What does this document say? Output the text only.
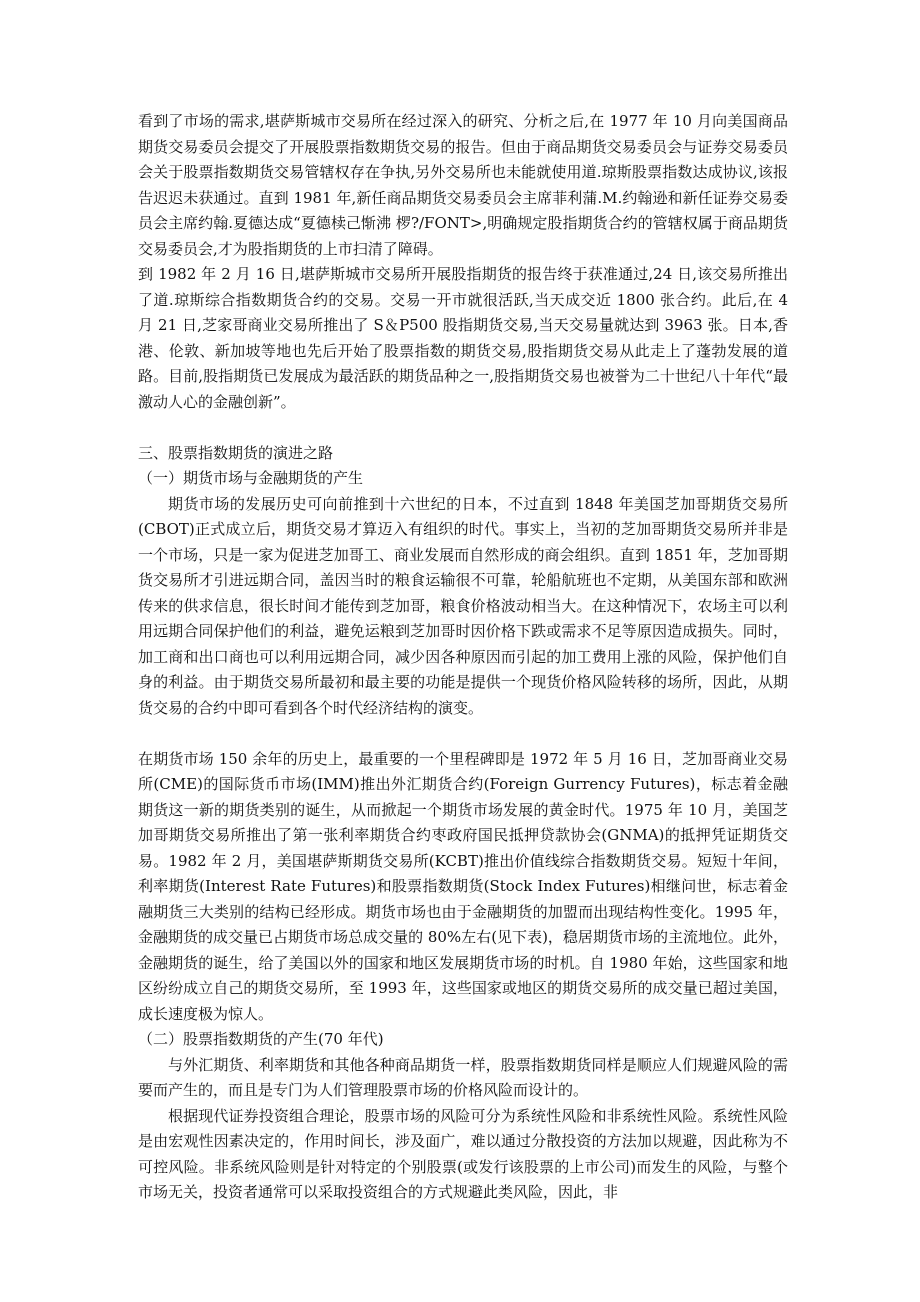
看到了市场的需求,堪萨斯城市交易所在经过深入的研究、分析之后,在 1977 年 10 月向美国商品期货交易委员会提交了开展股票指数期货交易的报告。但由于商品期货交易委员会与证券交易委员会关于股票指数期货交易管辖权存在争执,另外交易所也未能就使用道.琼斯股票指数达成协议,该报告迟迟未获通过。直到 1981 年,新任商品期货交易委员会主席菲利蒲.M.约翰逊和新任证券交易委员会主席约翰.夏德达成“夏德椟己惭沸 椤?/FONT>,明确规定股指期货合约的管辖权属于商品期货交易委员会,才为股指期货的上市扫清了障碍。

到 1982 年 2 月 16 日,堪萨斯城市交易所开展股指期货的报告终于获准通过,24 日,该交易所推出了道.琼斯综合指数期货合约的交易。交易一开市就很活跃,当天成交近 1800 张合约。此后,在 4 月 21 日,芝家哥商业交易所推出了 S＆P500 股指期货交易,当天交易量就达到 3963 张。日本,香港、伦敦、新加坡等地也先后开始了股票指数的期货交易,股指期货交易从此走上了蓬勃发展的道路。目前,股指期货已发展成为最活跃的期货品种之一,股指期货交易也被誉为二十世纪八十年代“最激动人心的金融创新”。

三、股票指数期货的演进之路

（一）期货市场与金融期货的产生

期货市场的发展历史可向前推到十六世纪的日本，不过直到 1848 年美国芝加哥期货交易所(CBOT)正式成立后，期货交易才算迈入有组织的时代。事实上，当初的芝加哥期货交易所并非是一个市场，只是一家为促进芝加哥工、商业发展而自然形成的商会组织。直到 1851 年，芝加哥期货交易所才引进远期合同，盖因当时的粮食运输很不可靠，轮船航班也不定期，从美国东部和欧洲传来的供求信息，很长时间才能传到芝加哥，粮食价格波动相当大。在这种情况下，农场主可以利用远期合同保护他们的利益，避免运粮到芝加哥时因价格下跌或需求不足等原因造成损失。同时，加工商和出口商也可以利用远期合同，减少因各种原因而引起的加工费用上涨的风险，保护他们自身的利益。由于期货交易所最初和最主要的功能是提供一个现货价格风险转移的场所，因此，从期货交易的合约中即可看到各个时代经济结构的演变。

在期货市场 150 余年的历史上，最重要的一个里程碑即是 1972 年 5 月 16 日，芝加哥商业交易所(CME)的国际货币市场(IMM)推出外汇期货合约(Foreign Gurrency Futures)，标志着金融期货这一新的期货类别的诞生，从而掀起一个期货市场发展的黄金时代。1975 年 10 月，美国芝加哥期货交易所推出了第一张利率期货合约枣政府国民抵押贷款协会(GNMA)的抵押凭证期货交易。1982 年 2 月，美国堪萨斯期货交易所(KCBT)推出价值线综合指数期货交易。短短十年间，利率期货(Interest Rate Futures)和股票指数期货(Stock Index Futures)相继问世，标志着金融期货三大类别的结构已经形成。期货市场也由于金融期货的加盟而出现结构性变化。1995 年，金融期货的成交量已占期货市场总成交量的 80%左右(见下表)，稳居期货市场的主流地位。此外，金融期货的诞生，给了美国以外的国家和地区发展期货市场的时机。自 1980 年始，这些国家和地区纷纷成立自己的期货交易所，至 1993 年，这些国家或地区的期货交易所的成交量已超过美国，成长速度极为惊人。

（二）股票指数期货的产生(70 年代)

与外汇期货、利率期货和其他各种商品期货一样，股票指数期货同样是顺应人们规避风险的需要而产生的，而且是专门为人们管理股票市场的价格风险而设计的。

根据现代证券投资组合理论，股票市场的风险可分为系统性风险和非系统性风险。系统性风险是由宏观性因素决定的，作用时间长，涉及面广，难以通过分散投资的方法加以规避，因此称为不可控风险。非系统风险则是针对特定的个别股票(或发行该股票的上市公司)而发生的风险，与整个市场无关，投资者通常可以采取投资组合的方式规避此类风险，因此，非
